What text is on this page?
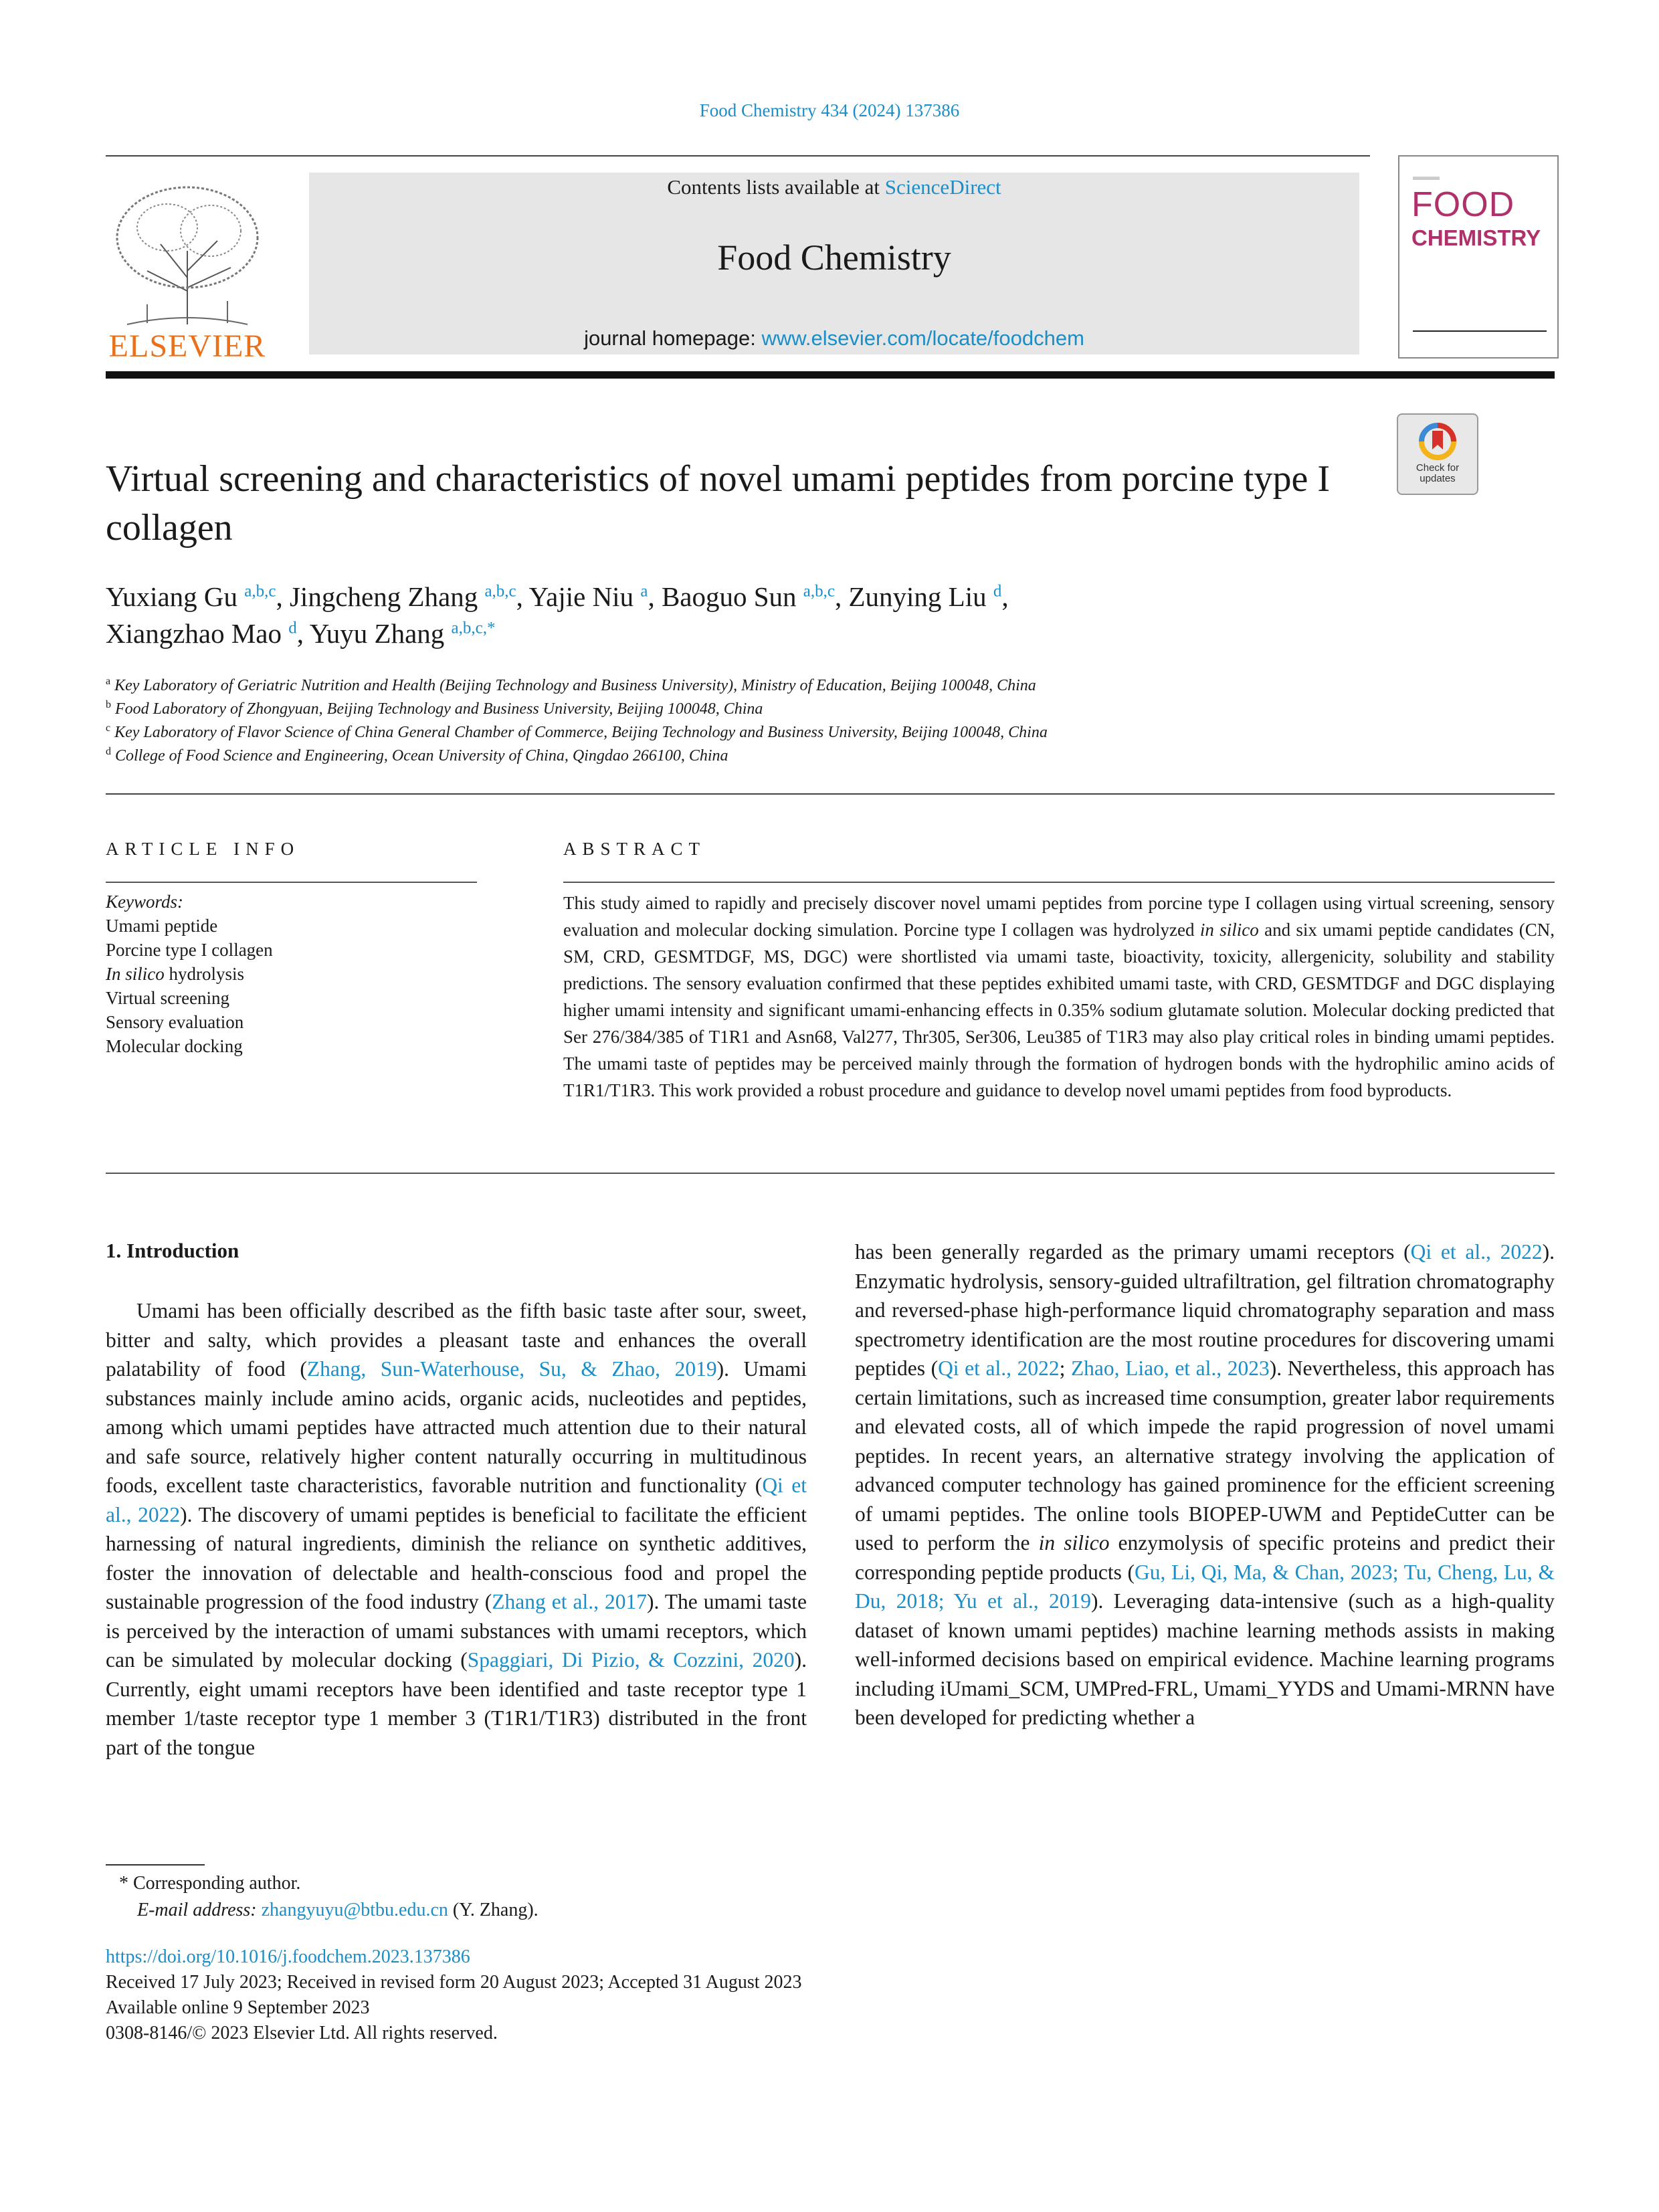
Food Chemistry 434 (2024) 137386
ELSEVIER
Contents lists available at ScienceDirect
Food Chemistry
journal homepage: www.elsevier.com/locate/foodchem
FOOD
CHEMISTRY
Check for updates
Virtual screening and characteristics of novel umami peptides from porcine type I collagen
Yuxiang Gu $^{a,b,c}$, Jingcheng Zhang $^{a,b,c}$, Yajie Niu $^a$, Baoguo Sun $^{a,b,c}$, Zunying Liu $^d$,
Xiangzhao Mao $^d$, Yuyu Zhang $^{a,b,c,*}$
$^a$ Key Laboratory of Geriatric Nutrition and Health (Beijing Technology and Business University), Ministry of Education, Beijing 100048, China
$^b$ Food Laboratory of Zhongyuan, Beijing Technology and Business University, Beijing 100048, China
$^c$ Key Laboratory of Flavor Science of China General Chamber of Commerce, Beijing Technology and Business University, Beijing 100048, China
$^d$ College of Food Science and Engineering, Ocean University of China, Qingdao 266100, China
ARTICLE INFO	ABSTRACT
Keywords:
Umami peptide
Porcine type I collagen
In silico hydrolysis
Virtual screening
Sensory evaluation
Molecular docking
This study aimed to rapidly and precisely discover novel umami peptides from porcine type I collagen using virtual screening, sensory evaluation and molecular docking simulation. Porcine type I collagen was hydrolyzed in silico and six umami peptide candidates (CN, SM, CRD, GESMTDGF, MS, DGC) were shortlisted via umami taste, bioactivity, toxicity, allergenicity, solubility and stability predictions. The sensory evaluation confirmed that these peptides exhibited umami taste, with CRD, GESMTDGF and DGC displaying higher umami intensity and significant umami-enhancing effects in 0.35% sodium glutamate solution. Molecular docking predicted that Ser 276/384/385 of T1R1 and Asn68, Val277, Thr305, Ser306, Leu385 of T1R3 may also play critical roles in binding umami peptides. The umami taste of peptides may be perceived mainly through the formation of hydrogen bonds with the hydrophilic amino acids of T1R1/T1R3. This work provided a robust procedure and guidance to develop novel umami peptides from food byproducts.
1. Introduction
Umami has been officially described as the fifth basic taste after sour, sweet, bitter and salty, which provides a pleasant taste and enhances the overall palatability of food (Zhang, Sun-Waterhouse, Su, & Zhao, 2019). Umami substances mainly include amino acids, organic acids, nucleotides and peptides, among which umami peptides have attracted much attention due to their natural and safe source, relatively higher content naturally occurring in multitudinous foods, excellent taste characteristics, favorable nutrition and functionality (Qi et al., 2022). The discovery of umami peptides is beneficial to facilitate the efficient harnessing of natural ingredients, diminish the reliance on synthetic additives, foster the innovation of delectable and health-conscious food and propel the sustainable progression of the food industry (Zhang et al., 2017). The umami taste is perceived by the interaction of umami substances with umami receptors, which can be simulated by molecular docking (Spaggiari, Di Pizio, & Cozzini, 2020). Currently, eight umami receptors have been identified and taste receptor type 1 member 1/taste receptor type 1 member 3 (T1R1/T1R3) distributed in the front part of the tongue
has been generally regarded as the primary umami receptors (Qi et al., 2022). Enzymatic hydrolysis, sensory-guided ultrafiltration, gel filtration chromatography and reversed-phase high-performance liquid chromatography separation and mass spectrometry identification are the most routine procedures for discovering umami peptides (Qi et al., 2022; Zhao, Liao, et al., 2023). Nevertheless, this approach has certain limitations, such as increased time consumption, greater labor requirements and elevated costs, all of which impede the rapid progression of novel umami peptides. In recent years, an alternative strategy involving the application of advanced computer technology has gained prominence for the efficient screening of umami peptides. The online tools BIOPEP-UWM and PeptideCutter can be used to perform the in silico enzymolysis of specific proteins and predict their corresponding peptide products (Gu, Li, Qi, Ma, & Chan, 2023; Tu, Cheng, Lu, & Du, 2018; Yu et al., 2019). Leveraging data-intensive (such as a high-quality dataset of known umami peptides) machine learning methods assists in making well-informed decisions based on empirical evidence. Machine learning programs including iUmami_SCM, UMPred-FRL, Umami_YYDS and Umami-MRNN have been developed for predicting whether a
* Corresponding author.
E-mail address: zhangyuyu@btbu.edu.cn (Y. Zhang).
https://doi.org/10.1016/j.foodchem.2023.137386
Received 17 July 2023; Received in revised form 20 August 2023; Accepted 31 August 2023
Available online 9 September 2023
0308-8146/© 2023 Elsevier Ltd. All rights reserved.
